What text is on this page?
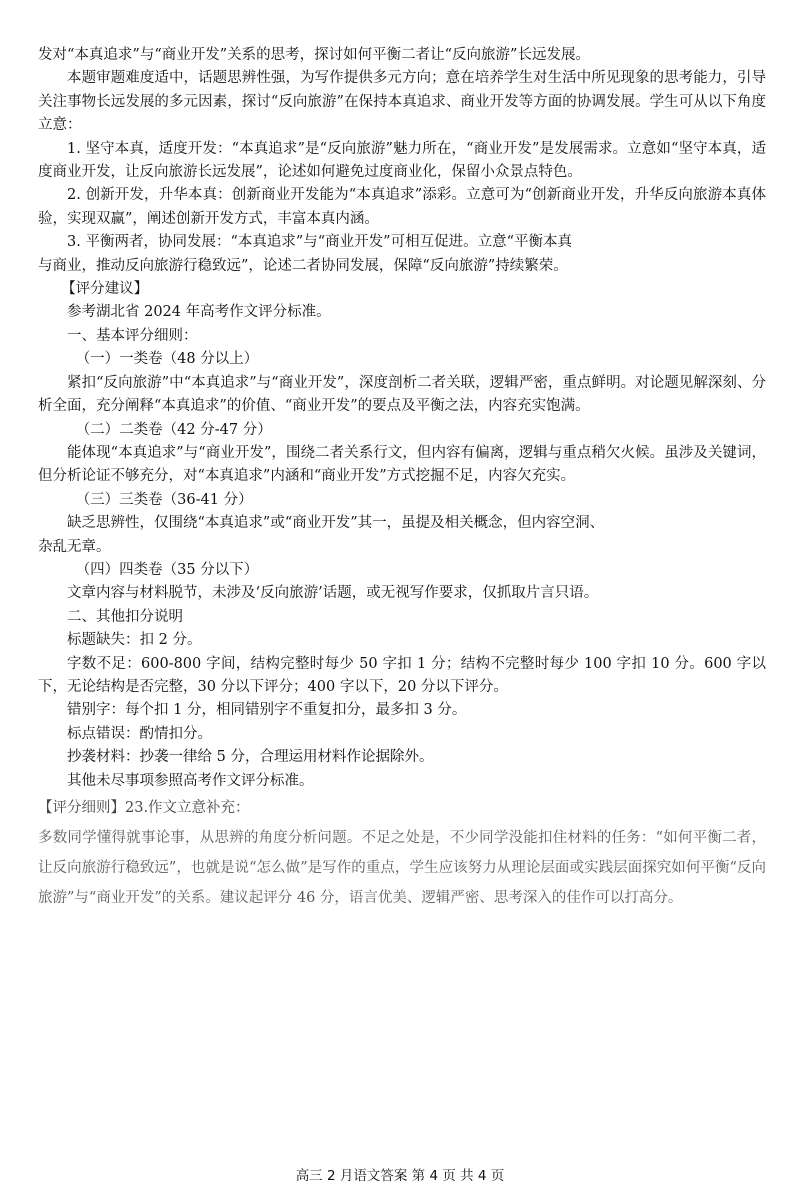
发对“本真追求”与“商业开发”关系的思考，探讨如何平衡二者让“反向旅游”长远发展。

本题审题难度适中，话题思辨性强，为写作提供多元方向；意在培养学生对生活中所见现象的思考能力，引导关注事物长远发展的多元因素，探讨“反向旅游”在保持本真追求、商业开发等方面的协调发展。学生可从以下角度立意：

1. 坚守本真，适度开发：“本真追求”是“反向旅游”魅力所在，“商业开发”是发展需求。立意如“坚守本真，适度商业开发，让反向旅游长远发展”，论述如何避免过度商业化，保留小众景点特色。

2. 创新开发，升华本真：创新商业开发能为“本真追求”添彩。立意可为“创新商业开发，升华反向旅游本真体验，实现双赢”，阐述创新开发方式，丰富本真内涵。

3. 平衡两者，协同发展：“本真追求”与“商业开发”可相互促进。立意“平衡本真

与商业，推动反向旅游行稳致远”，论述二者协同发展，保障“反向旅游”持续繁荣。

【评分建议】

参考湖北省 2024 年高考作文评分标准。

一、基本评分细则：

（一）一类卷（48 分以上）

紧扣“反向旅游”中“本真追求”与“商业开发”，深度剖析二者关联，逻辑严密，重点鲜明。对论题见解深刻、分析全面，充分阐释“本真追求”的价值、“商业开发”的要点及平衡之法，内容充实饱满。

（二）二类卷（42 分-47 分）

能体现“本真追求”与“商业开发”，围绕二者关系行文，但内容有偏离，逻辑与重点稍欠火候。虽涉及关键词，但分析论证不够充分，对“本真追求”内涵和“商业开发”方式挖掘不足，内容欠充实。

（三）三类卷（36-41 分）

缺乏思辨性，仅围绕“本真追求”或“商业开发”其一，虽提及相关概念，但内容空洞、

杂乱无章。

（四）四类卷（35 分以下）

文章内容与材料脱节，未涉及‘反向旅游’话题，或无视写作要求，仅抓取片言只语。

二、其他扣分说明

标题缺失：扣 2 分。

字数不足：600-800 字间，结构完整时每少 50 字扣 1 分；结构不完整时每少 100 字扣 10 分。600 字以下，无论结构是否完整，30 分以下评分；400 字以下，20 分以下评分。

错别字：每个扣 1 分，相同错别字不重复扣分，最多扣 3 分。

标点错误：酌情扣分。

抄袭材料：抄袭一律给 5 分，合理运用材料作论据除外。

其他未尽事项参照高考作文评分标准。

【评分细则】23.作文立意补充：

多数同学懂得就事论事，从思辨的角度分析问题。不足之处是，不少同学没能扣住材料的任务：“如何平衡二者，让反向旅游行稳致远”，也就是说“怎么做”是写作的重点，学生应该努力从理论层面或实践层面探究如何平衡“反向旅游”与“商业开发”的关系。建议起评分 46 分，语言优美、逻辑严密、思考深入的佳作可以打高分。

高三 2 月语文答案 第 4 页 共 4 页
